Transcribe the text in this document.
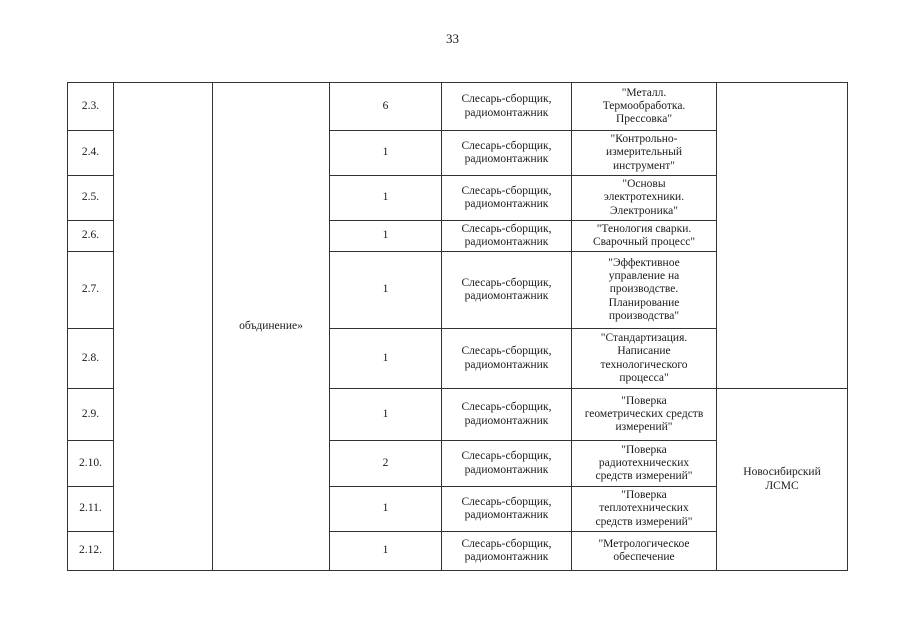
33
2.3.		объдинение»	6	Слесарь-сборщик,
радиомонтажник	"Металл.
Термообработка.
Прессовка"	

2.4.			1	Слесарь-сборщик,
радиомонтажник	"Контрольно-
измерительный
инструмент"	

2.5.			1	Слесарь-сборщик,
радиомонтажник	"Основы
электротехники.
Электроника"	

2.6.			1	Слесарь-сборщик,
радиомонтажник	"Тенология сварки.
Сварочный процесс"	

2.7.			1	Слесарь-сборщик,
радиомонтажник	"Эффективное
управление на
производстве.
Планирование
производства"	

2.8.			1	Слесарь-сборщик,
радиомонтажник	"Стандартизация.
Написание
технологического
процесса"	

2.9.			1	Слесарь-сборщик,
радиомонтажник	"Поверка
геометрических средств
измерений"	Новосибирский
ЛСМС

2.10.			2	Слесарь-сборщик,
радиомонтажник	"Поверка
радиотехнических
средств измерений"	

2.11.			1	Слесарь-сборщик,
радиомонтажник	"Поверка
теплотехнических
средств измерений"	

2.12.			1	Слесарь-сборщик,
радиомонтажник	"Метрологическое
обеспечение	
